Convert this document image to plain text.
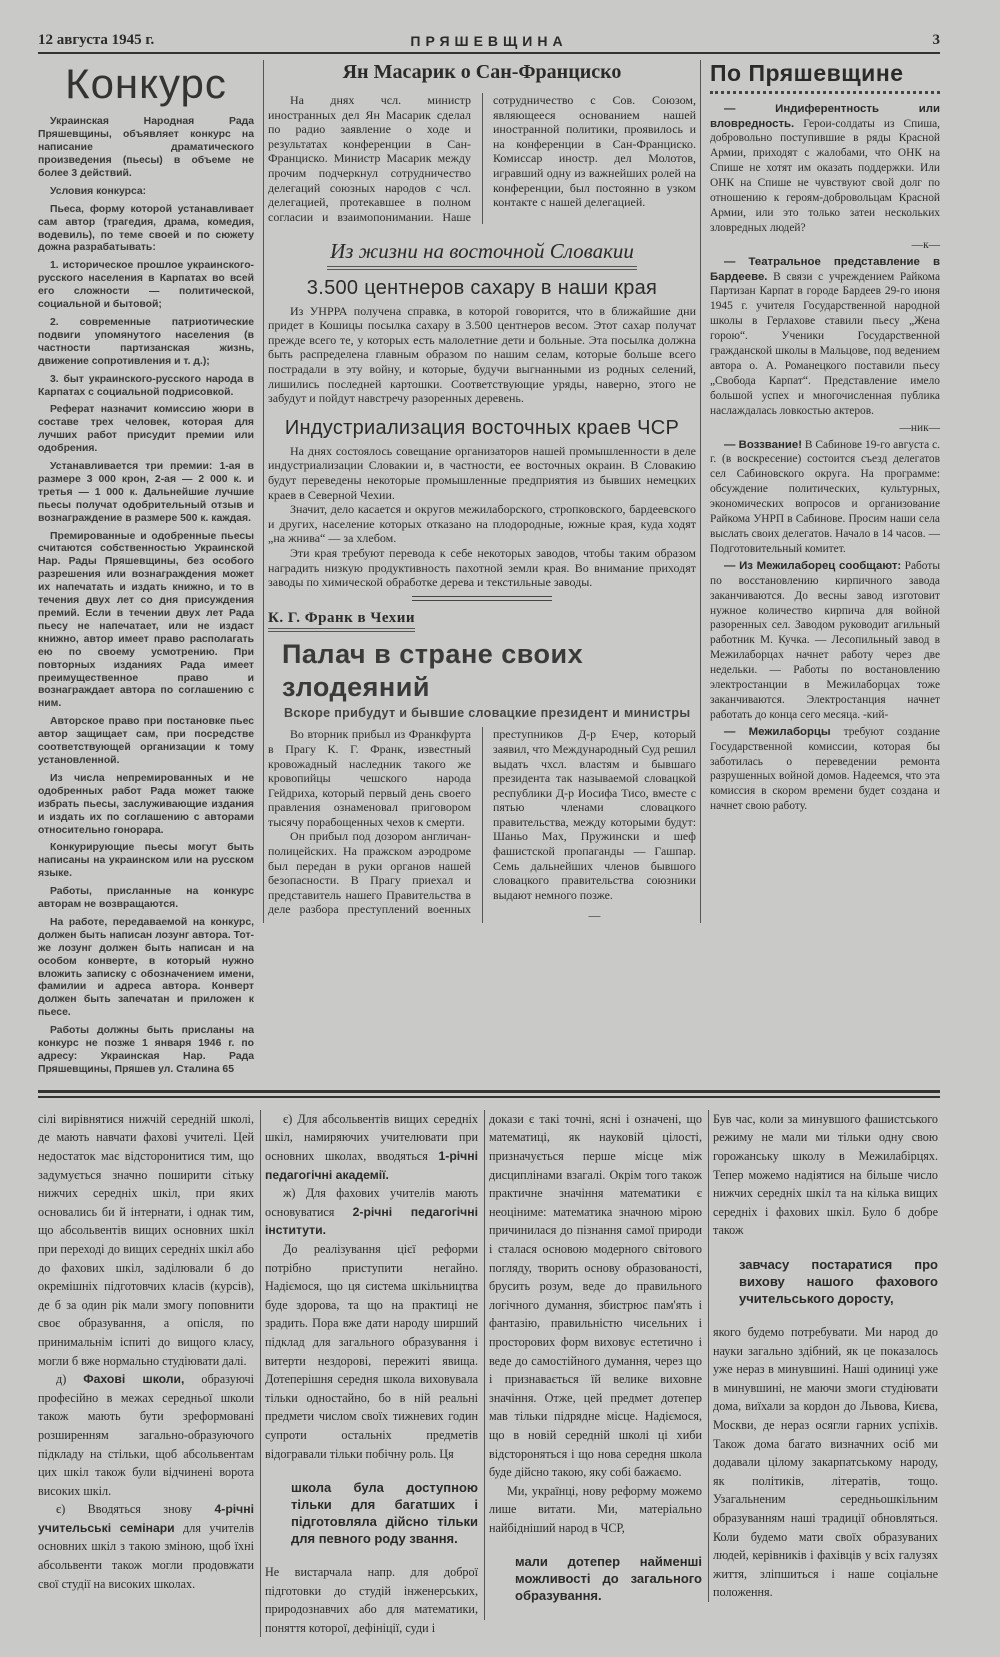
12 августа 1945 г.	ПРЯШЕВЩИНА	3
Конкурс

Украинская Народная Рада Пряшевщины, объявляет конкурс на написание драматического произведения (пьесы) в объеме не более 3 действий.

Условия конкурса:

Пьеса, форму которой устанавливает сам автор (трагедия, драма, комедия, водевиль), по теме своей и по сюжету дожна разрабатывать:

1. историческое прошлое украинского-русского населения в Карпатах во всей его сложности — политической, социальной и бытовой;

2. современные патриотические подвиги упомянутого населения (в частности партизанская жизнь, движение сопротивления и т. д.);

3. быт украинского-русского народа в Карпатах с социальной подрисовкой.

Реферат назначит комиссию жюри в составе трех человек, которая для лучших работ присудит премии или одобрения.

Устанавливается три премии: 1-ая в размере 3 000 крон, 2-ая — 2 000 к. и третья — 1 000 к. Дальнейшие лучшие пьесы получат одобрительный отзыв и вознаграждение в размере 500 к. каждая.

Премированные и одобренные пьесы считаются собственностью Украинской Нар. Рады Пряшевщины, без особого разрешения или вознаграждения может их напечатать и издать книжно, и то в течения двух лет со дня присуждения премий. Если в течении двух лет Рада пьесу не напечатает, или не издаст книжно, автор имеет право располагать ею по своему усмотрению. При повторных изданиях Рада имеет преимущественное право и вознаграждает автора по соглашению с ним.

Авторское право при постановке пьес автор защищает сам, при посредстве соответствующей организации к тому установленной.

Из числа непремированных и не одобренных работ Рада может также избрать пьесы, заслуживающие издания и издать их по соглашению с авторами относительно гонорара.

Конкурирующие пьесы могут быть написаны на украинском или на русском языке.

Работы, присланные на конкурс авторам не возвращаются.

На работе, передаваемой на конкурс, должен быть написан лозунг автора. Тот-же лозунг должен быть написан и на особом конверте, в который нужно вложить записку с обозначением имени, фамилии и адреса автора. Конверт должен быть запечатан и приложен к пьесе.

Работы должны быть присланы на конкурс не позже 1 января 1946 г. по адресу: Украинская Нар. Рада Пряшевщины, Пряшев ул. Сталина 65

Ян Масарик о Сан-Франциско

На днях чсл. министр иностранных дел Ян Масарик сделал по радио заявление о ходе и результатах конференции в Сан-Франциско. Министр Масарик между прочим подчеркнул сотрудничество делегаций союзных народов с чсл. делегацией, протекавшее в полном согласии и взаимопонимании. Наше сотрудничество с Сов. Союзом, являющееся основанием нашей иностранной политики, проявилось и на конференции в Сан-Франциско. Комиссар иностр. дел Молотов, игравший одну из важнейших ролей на конференции, был постоянно в узком контакте с нашей делегацией.

Из жизни на восточной Словакии
3.500 центнеров сахару в наши края

Из УНРРА получена справка, в которой говорится, что в ближайшие дни придет в Кошицы посылка сахару в 3.500 центнеров весом. Этот сахар получат прежде всего те, у которых есть малолетние дети и больные. Эта посылка должна быть распределена главным образом по нашим селам, которые больше всего пострадали в эту войну, и которые, будучи выгнанными из родных селений, лишились последней картошки. Соответствующие уряды, наверно, этого не забудут и пойдут навстречу разоренных деревень.

Индустриализация восточных краев ЧСР

На днях состоялось совещание организаторов нашей промышленности в деле индустриализации Словакии и, в частности, ее восточных окраин. В Словакию будут переведены некоторые промышленные предприятия из бывших немецких краев в Северной Чехии.

Значит, дело касается и округов межилаборского, стропковского, бардеевского и других, население которых отказано на плодородные, южные края, куда ходят „на жнива“ — за хлебом.

Эти края требуют перевода к себе некоторых заводов, чтобы таким образом наградить низкую продуктивность пахотной земли края. Во внимание приходят заводы по химической обработке дерева и текстильные заводы.

К. Г. Франк в Чехии
Палач в стране своих злодеяний
Вскоре прибудут и бывшие словацкие президент и министры

Во вторник прибыл из Франкфурта в Прагу К. Г. Франк, известный кровожадный наследник такого же кровопийцы чешского народа Гейдриха, который первый день своего правления ознаменовал приговором тысячу порабощенных чехов к смерти.

Он прибыл под дозором англичан-полицейских. На пражском аэродроме был передан в руки органов нашей безопасности. В Прагу приехал и представитель нашего Правительства в деле разбора преступлений военных преступников Д-р Ечер, который заявил, что Международный Суд решил выдать чхсл. властям и бывшаго президента так называемой словацкой республики Д-р Иосифа Тисо, вместе с пятью членами словацкого правительства, между которыми будут: Шаньо Мах, Пружински и шеф фашистской пропаганды — Гашпар. Семь дальнейших членов бывшого словацкого правительства союзники выдают немного позже.

—
По Пряшевщине

— Индиферентность или вловредность. Герои-солдаты из Спиша, добровольно поступившие в ряды Красной Армии, приходят с жалобами, что ОНК на Спише не хотят им оказать поддержки. Или ОНК на Спише не чувствуют свой долг по отношению к героям-добровольцам Красной Армии, или это только затеи нескольких зловредных людей?

—к—

— Театральное представление в Бардееве. В связи с учреждением Райкома Партизан Карпат в городе Бардеев 29-го июня 1945 г. учителя Государственной народной школы в Герлахове ставили пьесу „Жена горою“. Ученики Государственной гражданской школы в Мальцове, под ведением автора о. А. Романецкого поставили пьесу „Свобода Карпат“. Представление имело большой успех и многочисленная публика наслаждалась ловкостью актеров.

—ник—

— Воззвание! В Сабинове 19-го августа с. г. (в воскресение) состоится съезд делегатов сел Сабиновского округа. На программе: обсуждение политических, культурных, экономических вопросов и организование Райкома УНРП в Сабинове. Просим наши села выслать своих делегатов. Начало в 14 часов. — Подготовительный комитет.

— Из Межилаборец сообщают: Работы по восстановлению кирпичного завода заканчиваются. До весны завод изготовит нужное количество кирпича для войной разоренных сел. Заводом руководит агильный работник М. Кучка. — Лесопильный завод в Межилаборцах начнет работу через две недельки. — Работы по востановлению электростанции в Межилаборцах тоже заканчиваются. Электростанция начнет работать до конца сего месяца. -кий-

— Межилаборцы требуют создание Государственной комиссии, которая бы заботилась о переведении ремонта разрушенных войной домов. Надеемся, что эта комиссия в скором времени будет создана и начнет свою работу.

сілі вирівнятися нижчій середній школі, де мають навчати фахові учителі. Цей недостаток має відстоpонитися тим, що задумується значно поширити сітьку нижчих середніх шкіл, при яких основались би й інтернати, і однак тим, що абсольвентів вищих основних шкіл при переході до вищих середніх шкіл або до фахових шкіл, заділювали б до окремішніх підготовчих класів (курсів), де б за один рік мали змогу поповнити своє образування, а опісля, по принимальнім іспиті до вищого класу, могли б вже нормально студіювати далі.

д) Фахові школи, образуючі професійно в межах середньої школи також мають бути зреформовані розширенням загально-образуючого підкладу на стільки, щоб абсольвентам цих шкіл також були відчинені ворота високих шкіл.

є) Вводяться знову 4-річні учительські семінари для учителів основних шкіл з такою зміною, щоб їхні абсольвенти також могли продовжати свої студії на високих школах.

є) Для абсольвентів вищих середніх шкіл, намиряючих учителювати при основних школах, вводяться 1-річні педагогічні академії.

ж) Для фахових учителів мають основуватися 2-річні педагогічні інститути.

До реалізування цієї реформи потрібно приступити негайно. Надіємося, що ця система шкільництва буде здорова, та що на практиці не зрадить. Пора вже дати народу ширший підклад для загального образування і витерти нездорові, пережиті явища. Дотеперішня середня школа виховувала тільки одностайно, бо в ній реальні предмети числом своїх тижневих годин супроти остальніх предметів відогравали тільки побічну роль. Ця

школа була доступною тільки для багатших і підготовляла дійсно тільки для певного роду звання.

Не вистарчала напр. для доброї підготовки до студій інженерських, природознавчих або для математики, поняття которої, дефініції, суди і

докази є такі точні, ясні і означені, що математиці, як науковій цілості, призначується перше місце між дисциплінами взагалі. Окрім того також практичне значіння математики є неоцінимe: математика значною мірою причинилася до пізнання самої природи і сталася основою модерного світового погляду, творить основу образованості, брусить розум, веде до правильного логічного думання, збистрює пам'ять і фантазію, правильністю чисельних і просторових форм виховує естетично і веде до самостійного думання, через що і признавається їй велике виховне значіння. Отже, цей предмет дотепер мав тільки підрядне місце. Надіємося, що в новій середній школі ці хиби відстороняться і що нова середня школа буде дійсно такою, яку собі бажаємо.

Ми, українці, нову реформу можемо лише витати. Ми, матеріально найбідніший народ в ЧСР,

мали дотепер найменші можливості до загального образування.

Був час, коли за минувшого фашистського режиму не мали ми тільки одну свою горожанську школу в Межилабірцях. Тепер можемо надіятися на більше число нижчих середніх шкіл та на кілька вищих середніх і фахових шкіл. Було б добре також

завчасу постаратися про вихову нашого фахового учительського доросту,

якого будемо потребувати. Ми народ до науки загально здібний, як це показалось уже нераз в минувшині. Наші одиниці уже в минувшині, не маючи змоги студіювати дома, виїхали за кордон до Львова, Києва, Москви, де нераз осягли гарних успіхів. Також дома багато визначних осіб ми додавали цілому закарпатському народу, як політиків, літератів, тощо. Узагальненим середньошкільним образуванням наші традиції обновляться. Коли будемо мати своїх образуваних людей, керівників і фахівців у всіх галузях життя, зліпшиться і наше соціальне положення.
